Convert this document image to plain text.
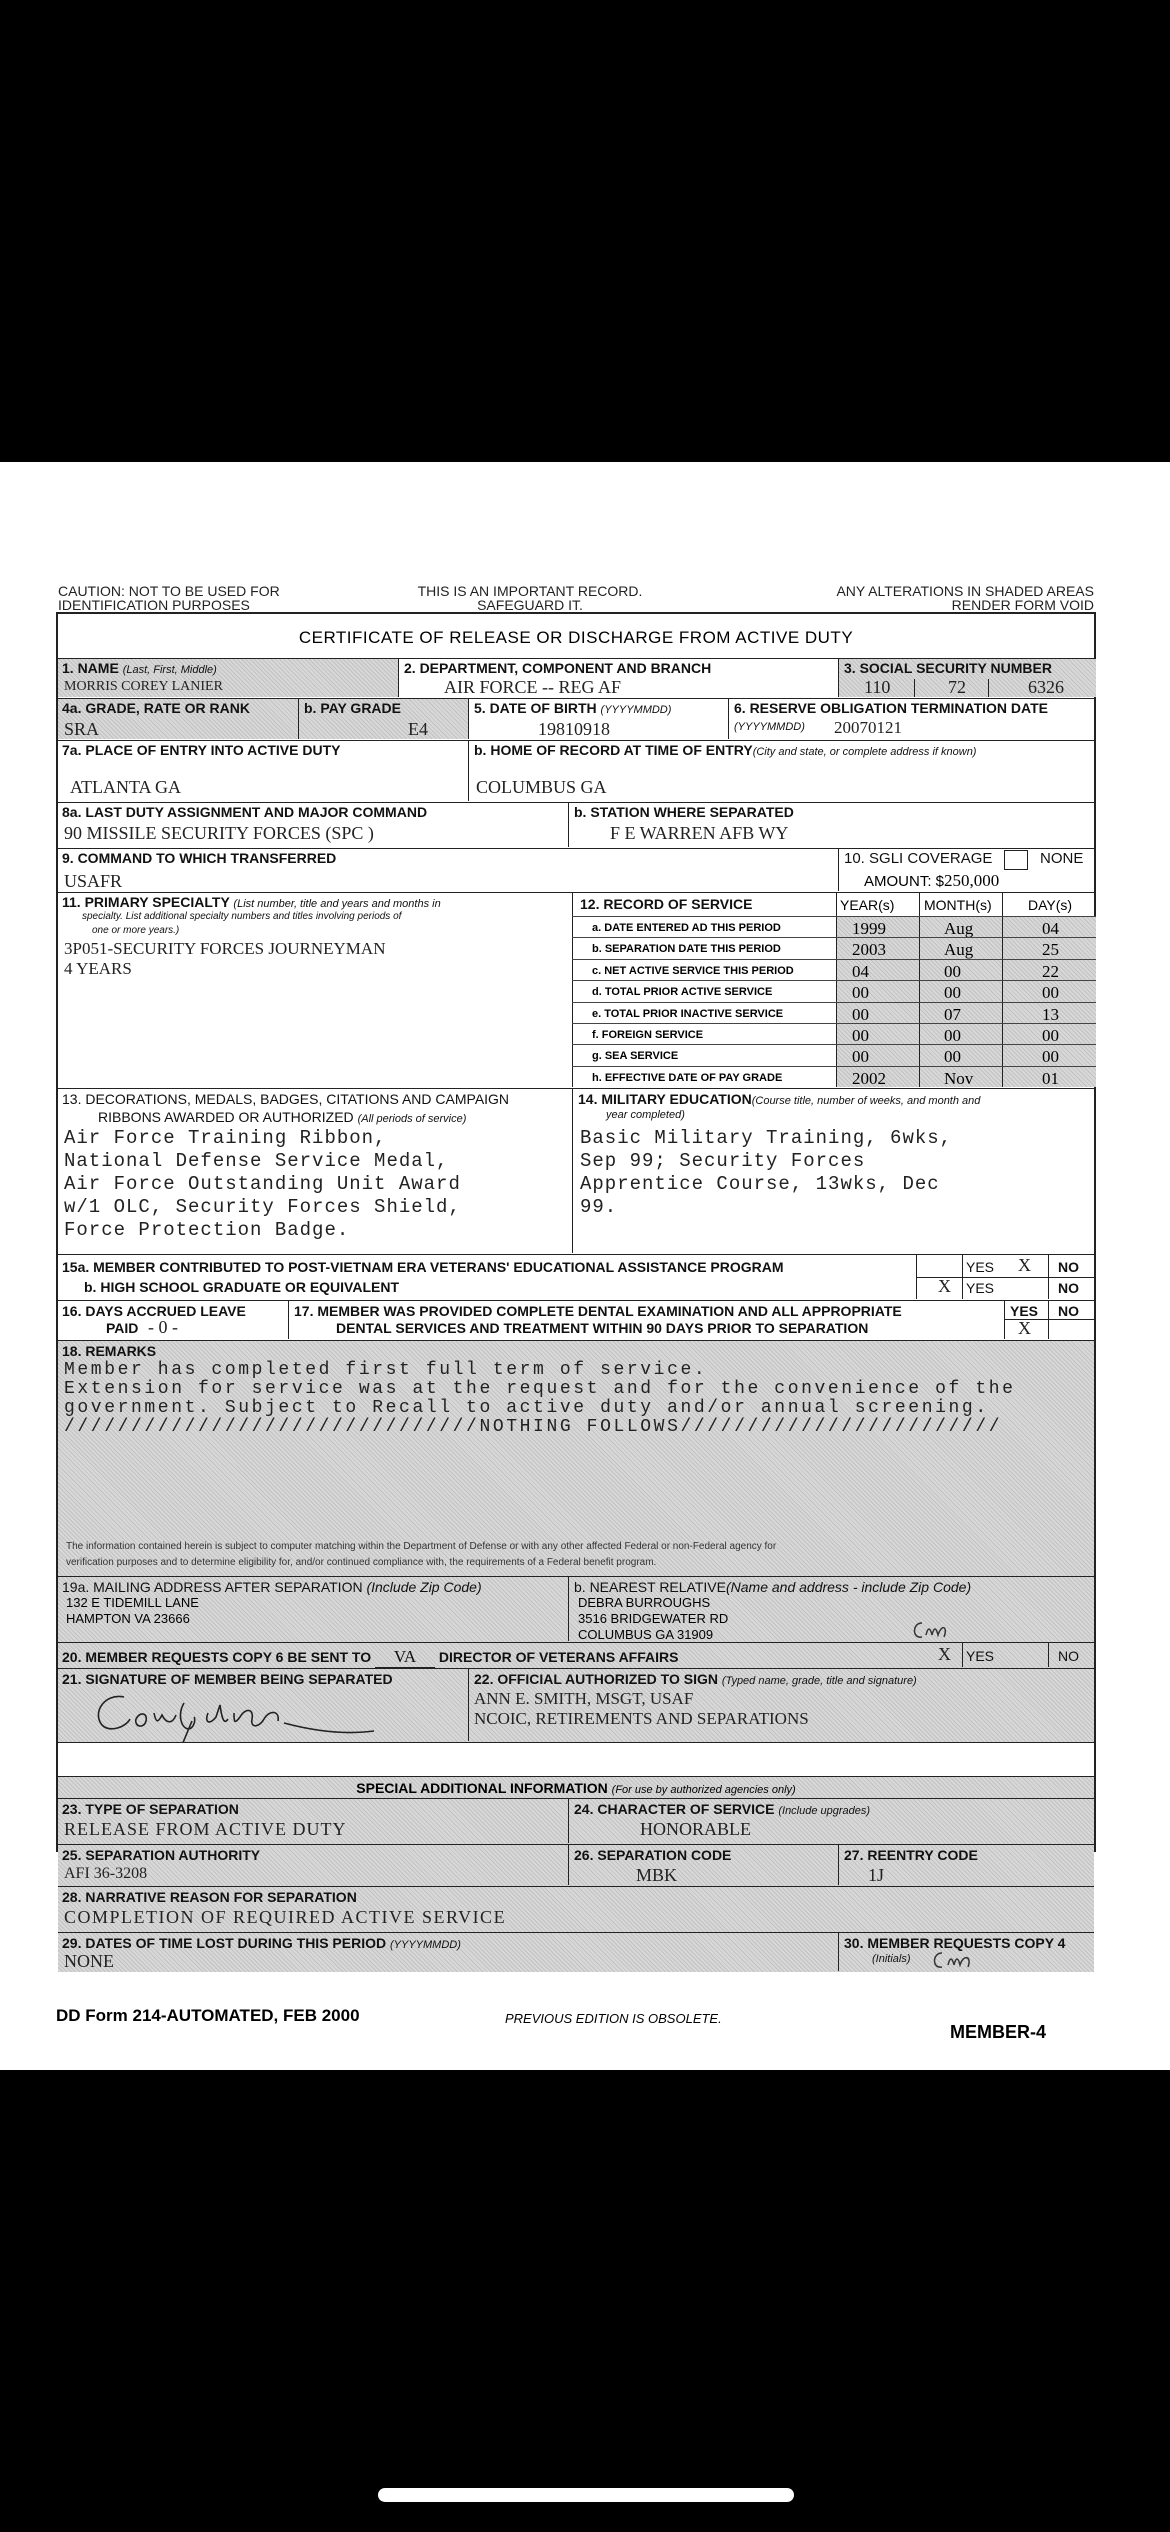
CAUTION: NOT TO BE USED FOR
IDENTIFICATION PURPOSES
THIS IS AN IMPORTANT RECORD.
SAFEGUARD IT.
ANY ALTERATIONS IN SHADED AREAS
RENDER FORM VOID
CERTIFICATE OF RELEASE OR DISCHARGE FROM ACTIVE DUTY
1. NAME (Last, First, Middle)
MORRIS COREY LANIER
2. DEPARTMENT, COMPONENT AND BRANCH
AIR FORCE -- REG AF
3. SOCIAL SECURITY NUMBER
110	72	6326
4a. GRADE, RATE OR RANK
SRA
b. PAY GRADE
E4
5. DATE OF BIRTH (YYYYMMDD)
19810918
6. RESERVE OBLIGATION TERMINATION DATE
(YYYYMMDD) 20070121
7a. PLACE OF ENTRY INTO ACTIVE DUTY
ATLANTA GA
b. HOME OF RECORD AT TIME OF ENTRY(City and state, or complete address if known)
COLUMBUS GA
8a. LAST DUTY ASSIGNMENT AND MAJOR COMMAND
90 MISSILE SECURITY FORCES (SPC )
b. STATION WHERE SEPARATED
F E WARREN AFB WY
9. COMMAND TO WHICH TRANSFERRED
USAFR
10. SGLI COVERAGE	NONE
AMOUNT: $250,000
11. PRIMARY SPECIALTY (List number, title and years and months in
specialty. List additional specialty numbers and titles involving periods of
one or more years.)
3P051-SECURITY FORCES JOURNEYMAN
4 YEARS
12. RECORD OF SERVICE	YEAR(s) MONTH(s)	DAY(s)
a. DATE ENTERED AD THIS PERIOD	1999	Aug	04
b. SEPARATION DATE THIS PERIOD	2003	Aug	25
c. NET ACTIVE SERVICE THIS PERIOD	04	00	22
d. TOTAL PRIOR ACTIVE SERVICE	00	00	00
e. TOTAL PRIOR INACTIVE SERVICE	00	07	13
f. FOREIGN SERVICE	00	00	00
g. SEA SERVICE	00	00	00
h. EFFECTIVE DATE OF PAY GRADE	2002	Nov	01
13. DECORATIONS, MEDALS, BADGES, CITATIONS AND CAMPAIGN
RIBBONS AWARDED OR AUTHORIZED (All periods of service)
Air Force Training Ribbon,
National Defense Service Medal,
Air Force Outstanding Unit Award
w/1 OLC, Security Forces Shield,
Force Protection Badge.
14. MILITARY EDUCATION(Course title, number of weeks, and month and
year completed)
Basic Military Training, 6wks,
Sep 99; Security Forces
Apprentice Course, 13wks, Dec
99.
15a. MEMBER CONTRIBUTED TO POST-VIETNAM ERA VETERANS' EDUCATIONAL ASSISTANCE PROGRAM
b. HIGH SCHOOL GRADUATE OR EQUIVALENT
YES X NO
X YES	NO
16. DAYS ACCRUED LEAVE
PAID - 0 -
17. MEMBER WAS PROVIDED COMPLETE DENTAL EXAMINATION AND ALL APPROPRIATE
DENTAL SERVICES AND TREATMENT WITHIN 90 DAYS PRIOR TO SEPARATION
YES NO
X
18. REMARKS
Member has completed first full term of service.
Extension for service was at the request and for the convenience of the
government. Subject to Recall to active duty and/or annual screening.
///////////////////////////////NOTHING FOLLOWS////////////////////////
The information contained herein is subject to computer matching within the Department of Defense or with any other affected Federal or non-Federal agency for
verification purposes and to determine eligibility for, and/or continued compliance with, the requirements of a Federal benefit program.
19a. MAILING ADDRESS AFTER SEPARATION (Include Zip Code)
132 E TIDEMILL LANE
HAMPTON VA 23666
b. NEAREST RELATIVE(Name and address - include Zip Code)
DEBRA BURROUGHS
3516 BRIDGEWATER RD
COLUMBUS GA 31909
20. MEMBER REQUESTS COPY 6 BE SENT TO VA DIRECTOR OF VETERANS AFFAIRS	X YES	NO
21. SIGNATURE OF MEMBER BEING SEPARATED	22. OFFICIAL AUTHORIZED TO SIGN (Typed name, grade, title and signature)
ANN E. SMITH, MSGT, USAF
NCOIC, RETIREMENTS AND SEPARATIONS
SPECIAL ADDITIONAL INFORMATION (For use by authorized agencies only)
23. TYPE OF SEPARATION
RELEASE FROM ACTIVE DUTY
24. CHARACTER OF SERVICE (Include upgrades)
HONORABLE
25. SEPARATION AUTHORITY
AFI 36-3208
26. SEPARATION CODE
MBK
27. REENTRY CODE
1J
28. NARRATIVE REASON FOR SEPARATION
COMPLETION OF REQUIRED ACTIVE SERVICE
29. DATES OF TIME LOST DURING THIS PERIOD (YYYYMMDD)
NONE
30. MEMBER REQUESTS COPY 4
(Initials)
DD Form 214-AUTOMATED, FEB 2000	PREVIOUS EDITION IS OBSOLETE.
MEMBER-4
